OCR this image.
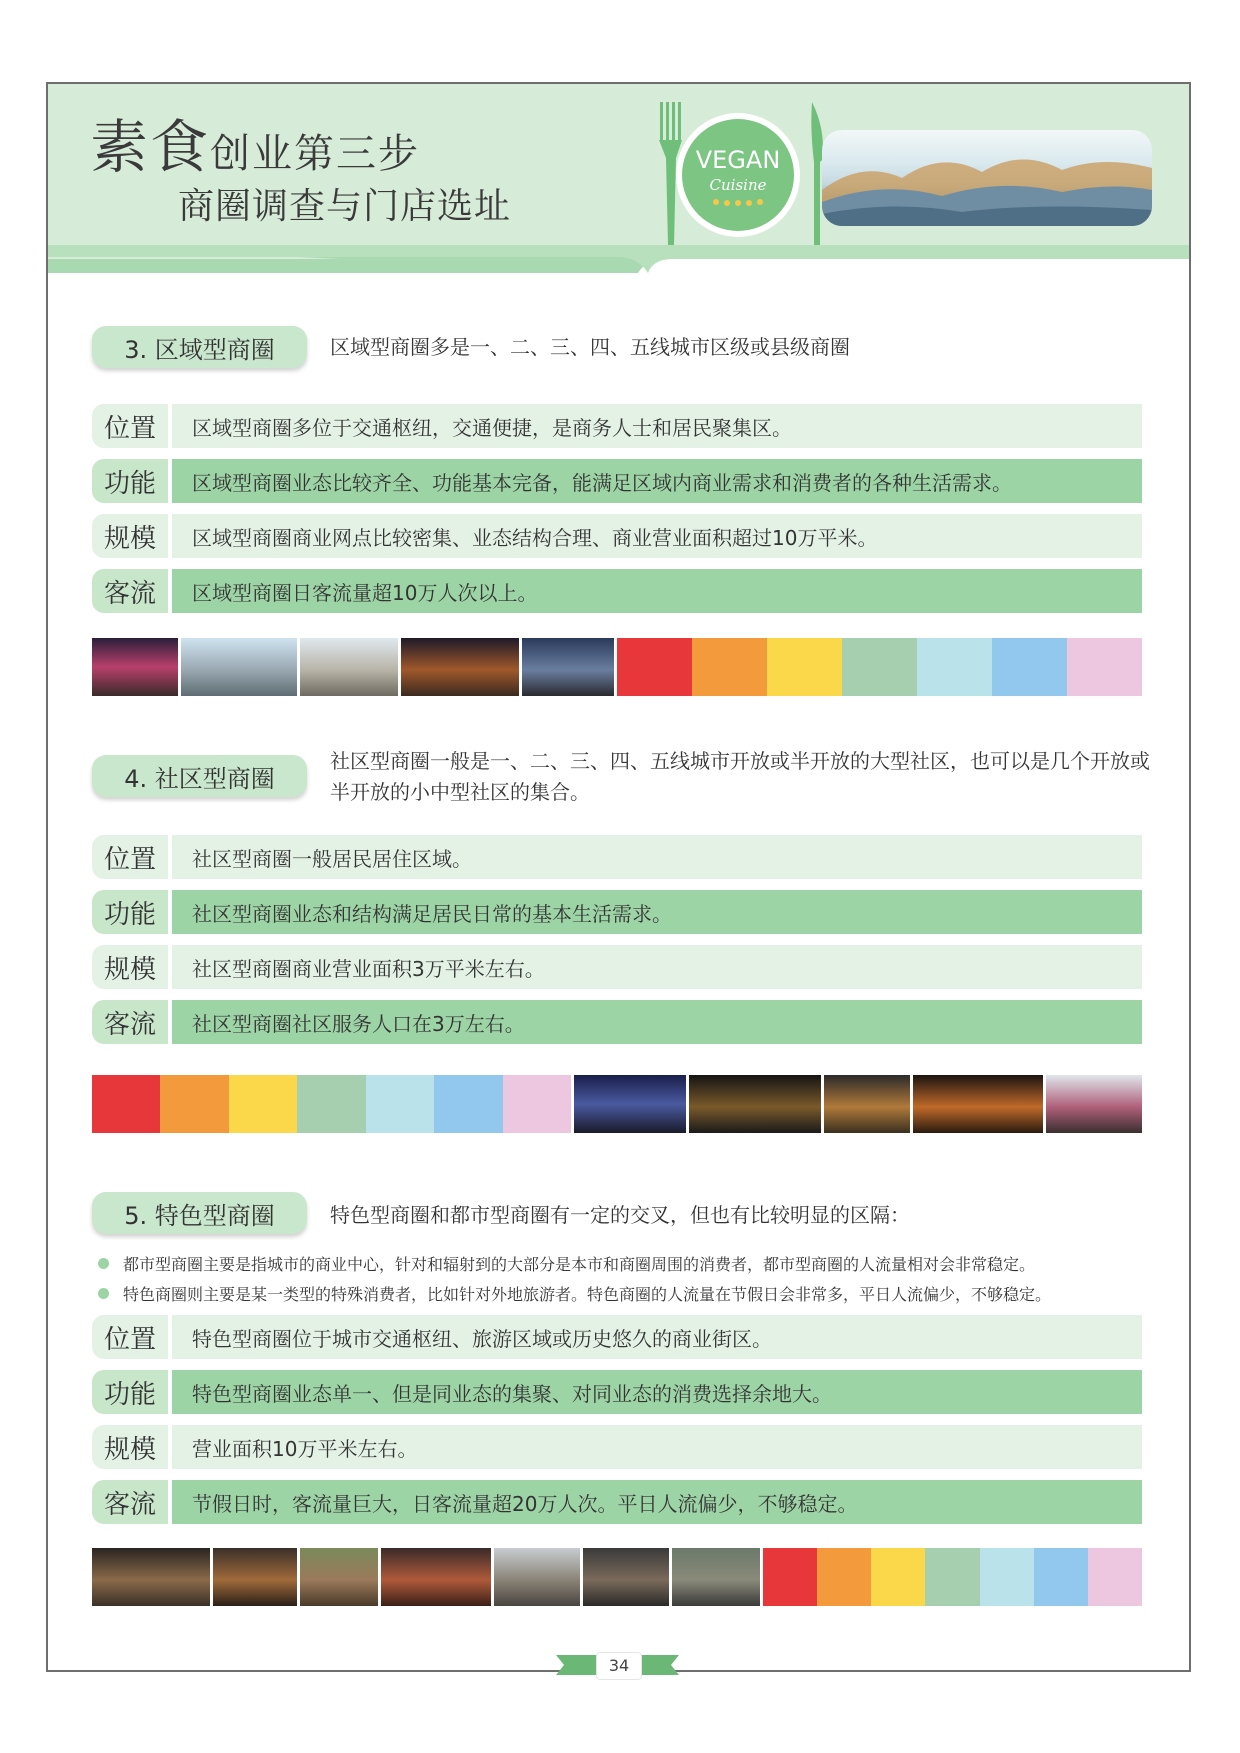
素食创业第三步
商圈调查与门店选址
VEGAN
Cuisine
3. 区域型商圈	区域型商圈多是一、二、三、四、五线城市区级或县级商圈
位置	区域型商圈多位于交通枢纽，交通便捷，是商务人士和居民聚集区。
功能	区域型商圈业态比较齐全、功能基本完备，能满足区域内商业需求和消费者的各种生活需求。
规模	区域型商圈商业网点比较密集、业态结构合理、商业营业面积超过10万平米。
客流	区域型商圈日客流量超10万人次以上。
4. 社区型商圈
社区型商圈一般是一、二、三、四、五线城市开放或半开放的大型社区，也可以是几个开放或半开放的小中型社区的集合。
位置	社区型商圈一般居民居住区域。
功能	社区型商圈业态和结构满足居民日常的基本生活需求。
规模	社区型商圈商业营业面积3万平米左右。
客流	社区型商圈社区服务人口在3万左右。
5. 特色型商圈	特色型商圈和都市型商圈有一定的交叉，但也有比较明显的区隔：
都市型商圈主要是指城市的商业中心，针对和辐射到的大部分是本市和商圈周围的消费者，都市型商圈的人流量相对会非常稳定。
特色商圈则主要是某一类型的特殊消费者，比如针对外地旅游者。特色商圈的人流量在节假日会非常多，平日人流偏少，不够稳定。
位置	特色型商圈位于城市交通枢纽、旅游区域或历史悠久的商业街区。
功能	特色型商圈业态单一、但是同业态的集聚、对同业态的消费选择余地大。
规模	营业面积10万平米左右。
客流	节假日时，客流量巨大，日客流量超20万人次。平日人流偏少，不够稳定。
34
